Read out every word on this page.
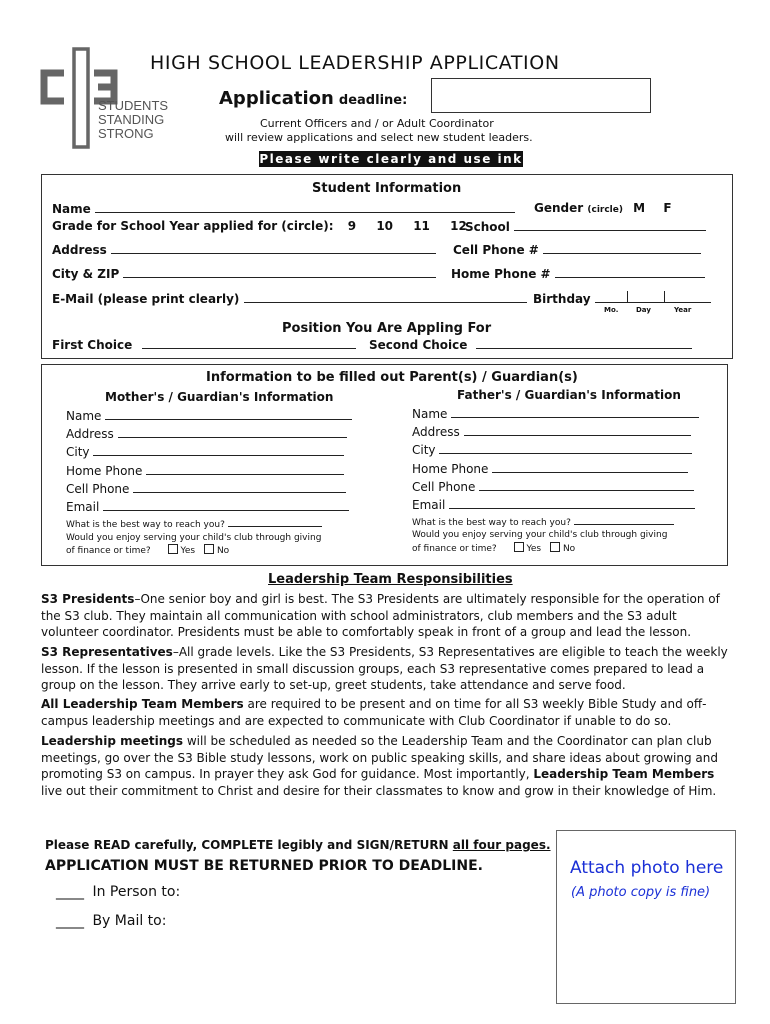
STUDENTS
STANDING
STRONG
HIGH SCHOOL LEADERSHIP APPLICATION
Application deadline:
Current Officers and / or Adult Coordinator
will review applications and select new student leaders.
Please write clearly and use ink
Student Information
Name	Gender (circle) M F
Grade for School Year applied for (circle): 9 10 11 12
School
Address	Cell Phone #
City & ZIP	Home Phone #
E-Mail (please print clearly)	Birthday
Mo.	Day	Year
Position You Are Appling For
First Choice	Second Choice
Information to be filled out Parent(s) / Guardian(s)
Mother's / Guardian's Information
Name
Address
City
Home Phone
Cell Phone
Email
What is the best way to reach you?
Would you enjoy serving your child's club through giving
of finance or time?	Yes No
Father's / Guardian's Information
Name
Address
City
Home Phone
Cell Phone
Email
What is the best way to reach you?
Would you enjoy serving your child's club through giving
of finance or time?	Yes No
Leadership Team Responsibilities
S3 Presidents–One senior boy and girl is best. The S3 Presidents are ultimately responsible for the operation of the S3 club. They maintain all communication with school administrators, club members and the S3 adult volunteer coordinator. Presidents must be able to comfortably speak in front of a group and lead the lesson.
S3 Representatives–All grade levels. Like the S3 Presidents, S3 Representatives are eligible to teach the weekly lesson. If the lesson is presented in small discussion groups, each S3 representative comes prepared to lead a group on the lesson. They arrive early to set-up, greet students, take attendance and serve food.
All Leadership Team Members are required to be present and on time for all S3 weekly Bible Study and off-campus leadership meetings and are expected to communicate with Club Coordinator if unable to do so.
Leadership meetings will be scheduled as needed so the Leadership Team and the Coordinator can plan club meetings, go over the S3 Bible study lessons, work on public speaking skills, and share ideas about growing and promoting S3 on campus. In prayer they ask God for guidance. Most importantly, Leadership Team Members live out their commitment to Christ and desire for their classmates to know and grow in their knowledge of Him.
Please READ carefully, COMPLETE legibly and SIGN/RETURN all four pages.
APPLICATION MUST BE RETURNED PRIOR TO DEADLINE.
____ In Person to:
____ By Mail to:
Attach photo here
(A photo copy is fine)
